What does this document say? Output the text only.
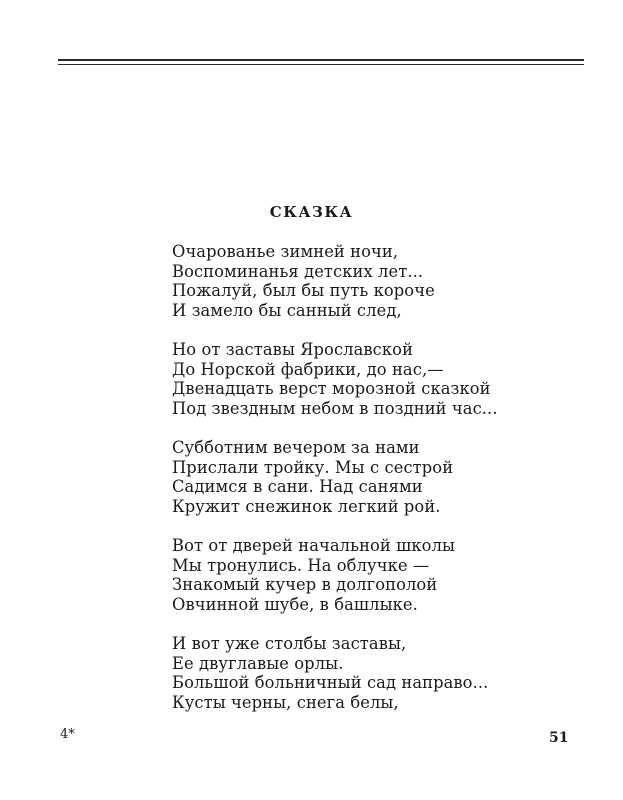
СКАЗКА
Очарованье зимней ночи,
Воспоминанья детских лет...
Пожалуй, был бы путь короче
И замело бы санный след,
Но от заставы Ярославской
До Норской фабрики, до нас,—
Двенадцать верст морозной сказкой
Под звездным небом в поздний час...
Субботним вечером за нами
Прислали тройку. Мы с сестрой
Садимся в сани. Над санями
Кружит снежинок легкий рой.
Вот от дверей начальной школы
Мы тронулись. На облучке —
Знакомый кучер в долгополой
Овчинной шубе, в башлыке.
И вот уже столбы заставы,
Ее двуглавые орлы.
Большой больничный сад направо...
Кусты черны, снега белы,
4*	51
